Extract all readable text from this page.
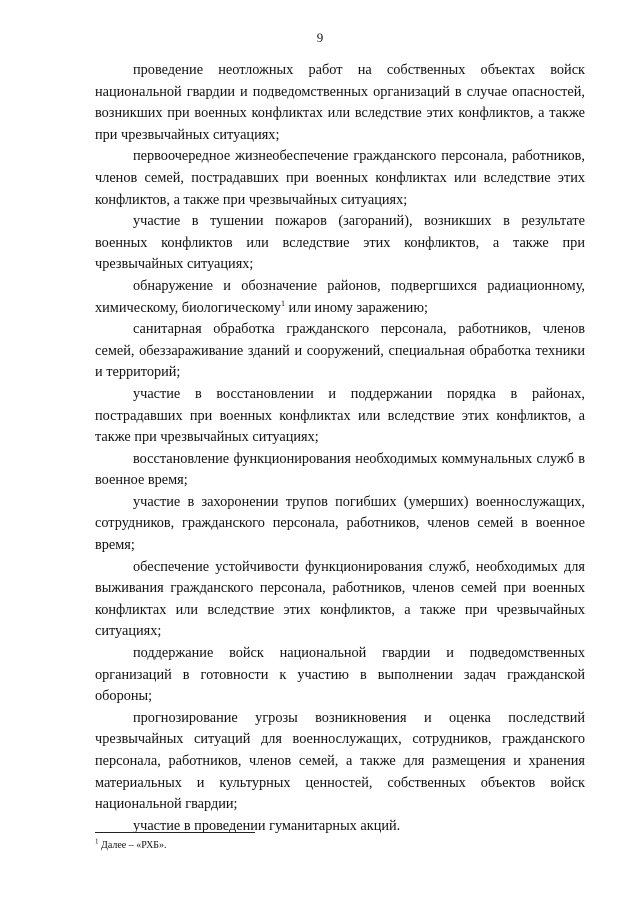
9

проведение неотложных работ на собственных объектах войск национальной гвардии и подведомственных организаций в случае опасностей, возникших при военных конфликтах или вследствие этих конфликтов, а также при чрезвычайных ситуациях;

первоочередное жизнеобеспечение гражданского персонала, работников, членов семей, пострадавших при военных конфликтах или вследствие этих конфликтов, а также при чрезвычайных ситуациях;

участие в тушении пожаров (загораний), возникших в результате военных конфликтов или вследствие этих конфликтов, а также при чрезвычайных ситуациях;

обнаружение и обозначение районов, подвергшихся радиационному, химическому, биологическому$^1$ или иному заражению;

санитарная обработка гражданского персонала, работников, членов семей, обеззараживание зданий и сооружений, специальная обработка техники и территорий;

участие в восстановлении и поддержании порядка в районах, пострадавших при военных конфликтах или вследствие этих конфликтов, а также при чрезвычайных ситуациях;

восстановление функционирования необходимых коммунальных служб в военное время;

участие в захоронении трупов погибших (умерших) военнослужащих, сотрудников, гражданского персонала, работников, членов семей в военное время;

обеспечение устойчивости функционирования служб, необходимых для выживания гражданского персонала, работников, членов семей при военных конфликтах или вследствие этих конфликтов, а также при чрезвычайных ситуациях;

поддержание войск национальной гвардии и подведомственных организаций в готовности к участию в выполнении задач гражданской обороны;

прогнозирование угрозы возникновения и оценка последствий чрезвычайных ситуаций для военнослужащих, сотрудников, гражданского персонала, работников, членов семей, а также для размещения и хранения материальных и культурных ценностей, собственных объектов войск национальной гвардии;

участие в проведении гуманитарных акций.

$^1$ Далее – «РХБ».
